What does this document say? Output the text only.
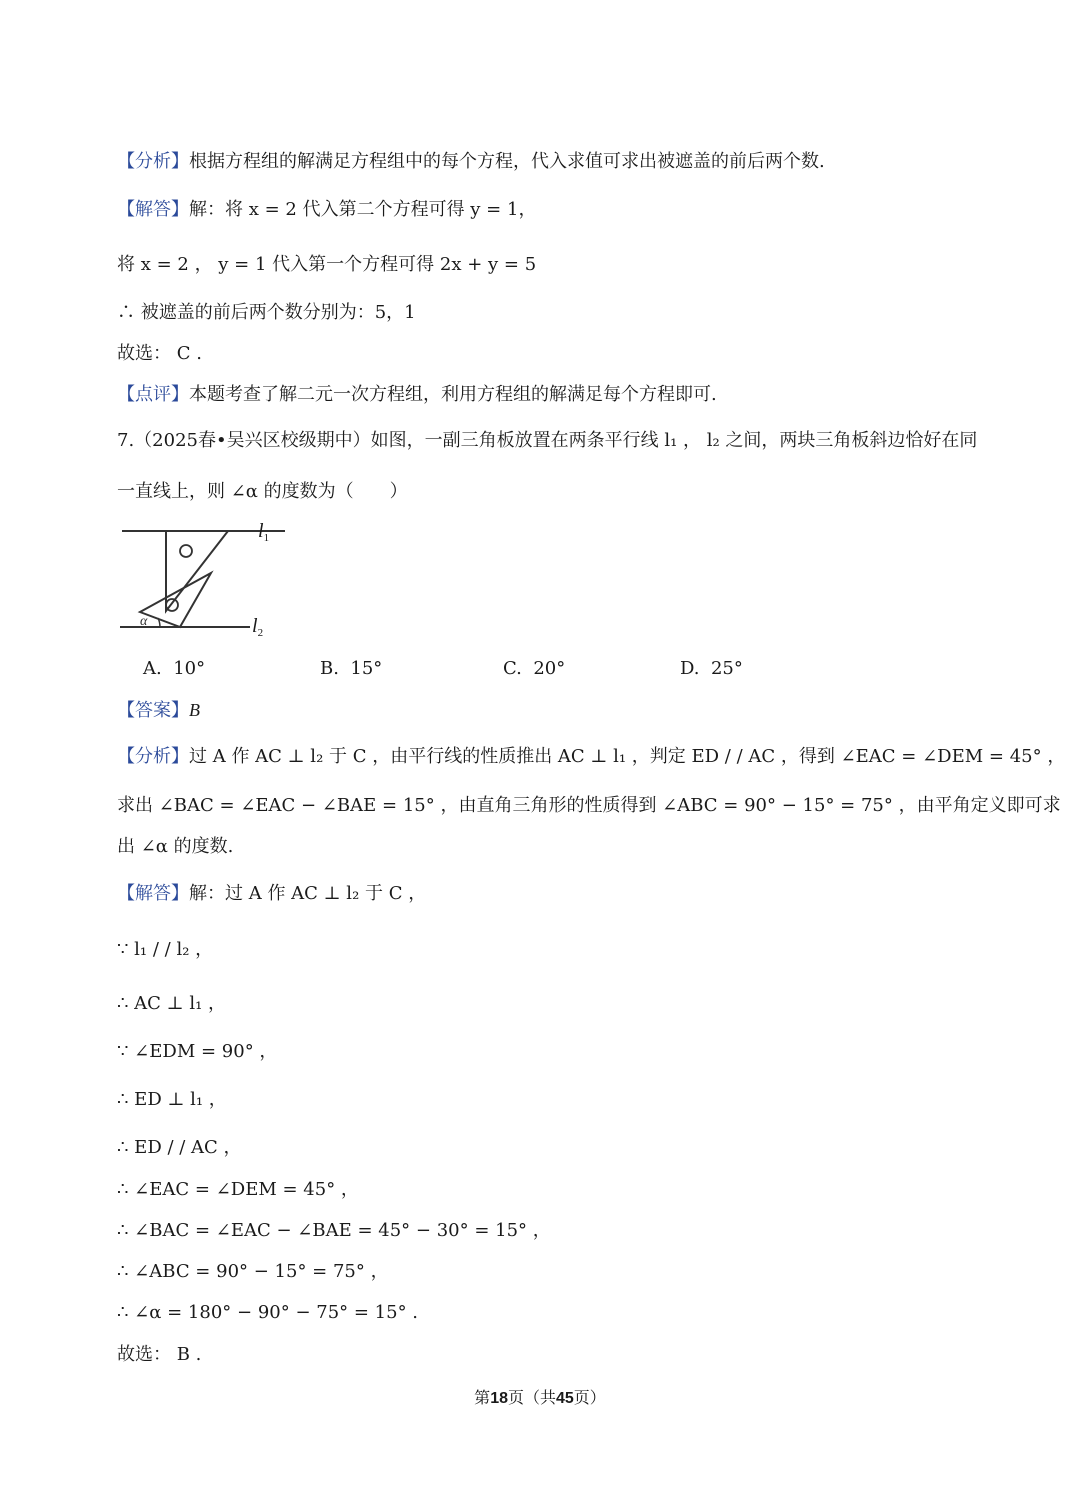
【分析】根据方程组的解满足方程组中的每个方程，代入求值可求出被遮盖的前后两个数.
【解答】解：将 x = 2 代入第二个方程可得 y = 1，
将 x = 2 ， y = 1 代入第一个方程可得 2x + y = 5
∴ 被遮盖的前后两个数分别为：5，1
故选： C .
【点评】本题考查了解二元一次方程组，利用方程组的解满足每个方程即可.
7.（2025春•吴兴区校级期中）如图，一副三角板放置在两条平行线 l₁ ， l₂ 之间，两块三角板斜边恰好在同
一直线上，则 ∠α 的度数为（　　）
α
$l_1$
$l_2$
A. 10°	B. 15°	C. 20°	D. 25°
【答案】B
【分析】过 A 作 AC ⊥ l₂ 于 C ，由平行线的性质推出 AC ⊥ l₁ ，判定 ED / / AC ，得到 ∠EAC = ∠DEM = 45° ，
求出 ∠BAC = ∠EAC − ∠BAE = 15° ，由直角三角形的性质得到 ∠ABC = 90° − 15° = 75° ，由平角定义即可求
出 ∠α 的度数.
【解答】解：过 A 作 AC ⊥ l₂ 于 C ，
∵ l₁ / / l₂ ，
∴ AC ⊥ l₁ ，
∵ ∠EDM = 90° ，
∴ ED ⊥ l₁ ，
∴ ED / / AC ，
∴ ∠EAC = ∠DEM = 45° ，
∴ ∠BAC = ∠EAC − ∠BAE = 45° − 30° = 15° ，
∴ ∠ABC = 90° − 15° = 75° ，
∴ ∠α = 180° − 90° − 75° = 15° .
故选： B .
第18页（共45页）
